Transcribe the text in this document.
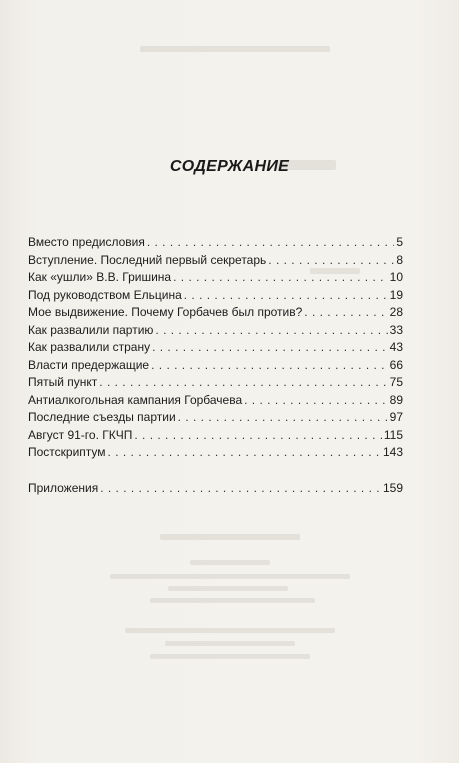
СОДЕРЖАНИЕ
Вместо предисловия . . .	5
Вступление. Последний первый секретарь . . .	8
Как «ушли» В.В. Гришина . . .	10
Под руководством Ельцина . . .	19
Мое выдвижение. Почему Горбачев был против? . . .	28
Как развалили партию . . .	33
Как развалили страну . . .	43
Власти предержащие . . .	66
Пятый пункт . . .	75
Антиалкогольная кампания Горбачева . . .	89
Последние съезды партии . . .	97
Август 91-го. ГКЧП . . .	115
Постскриптум . . .	143
Приложения . . .	159
